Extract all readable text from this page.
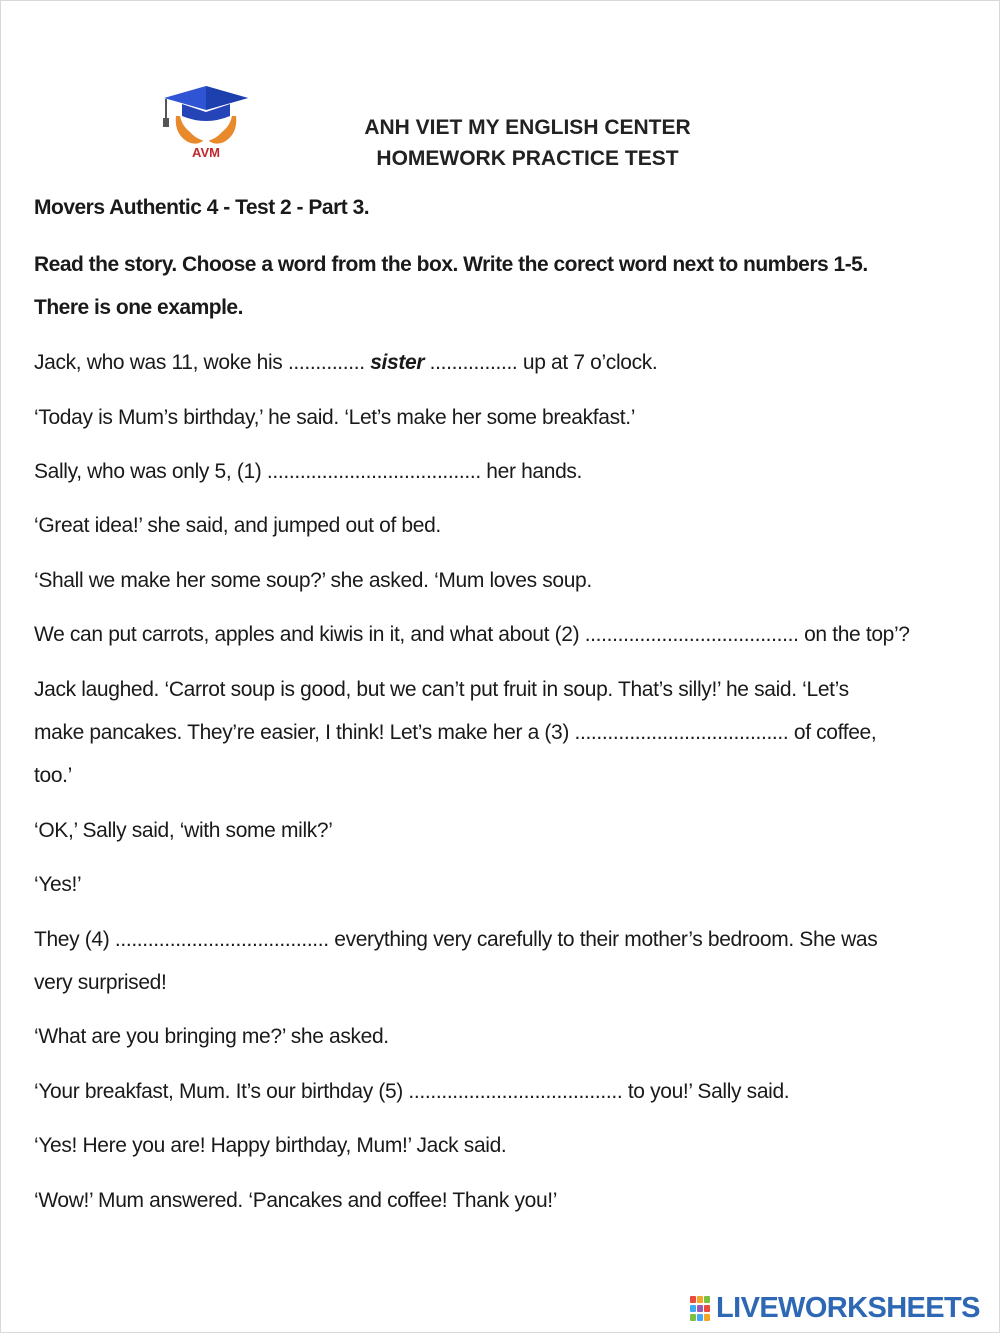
AVM
ANH VIET MY ENGLISH CENTER
HOMEWORK PRACTICE TEST
Movers Authentic 4 - Test 2 - Part 3.
Read the story. Choose a word from the box. Write the corect word next to numbers 1-5.
There is one example.
Jack, who was 11, woke his .............. sister ................ up at 7 o’clock.
‘Today is Mum’s birthday,’ he said. ‘Let’s make her some breakfast.’
Sally, who was only 5, (1) ....................................... her hands.
‘Great idea!’ she said, and jumped out of bed.
‘Shall we make her some soup?’ she asked. ‘Mum loves soup.
We can put carrots, apples and kiwis in it, and what about (2) ....................................... on the top’?
Jack laughed. ‘Carrot soup is good, but we can’t put fruit in soup. That’s silly!’ he said. ‘Let’s
make pancakes. They’re easier, I think! Let’s make her a (3) ....................................... of coffee,
too.’
‘OK,’ Sally said, ‘with some milk?’
‘Yes!’
They (4) ....................................... everything very carefully to their mother’s bedroom. She was
very surprised!
‘What are you bringing me?’ she asked.
‘Your breakfast, Mum. It’s our birthday (5) ....................................... to you!’ Sally said.
‘Yes! Here you are! Happy birthday, Mum!’ Jack said.
‘Wow!’ Mum answered. ‘Pancakes and coffee! Thank you!’
LIVEWORKSHEETS
